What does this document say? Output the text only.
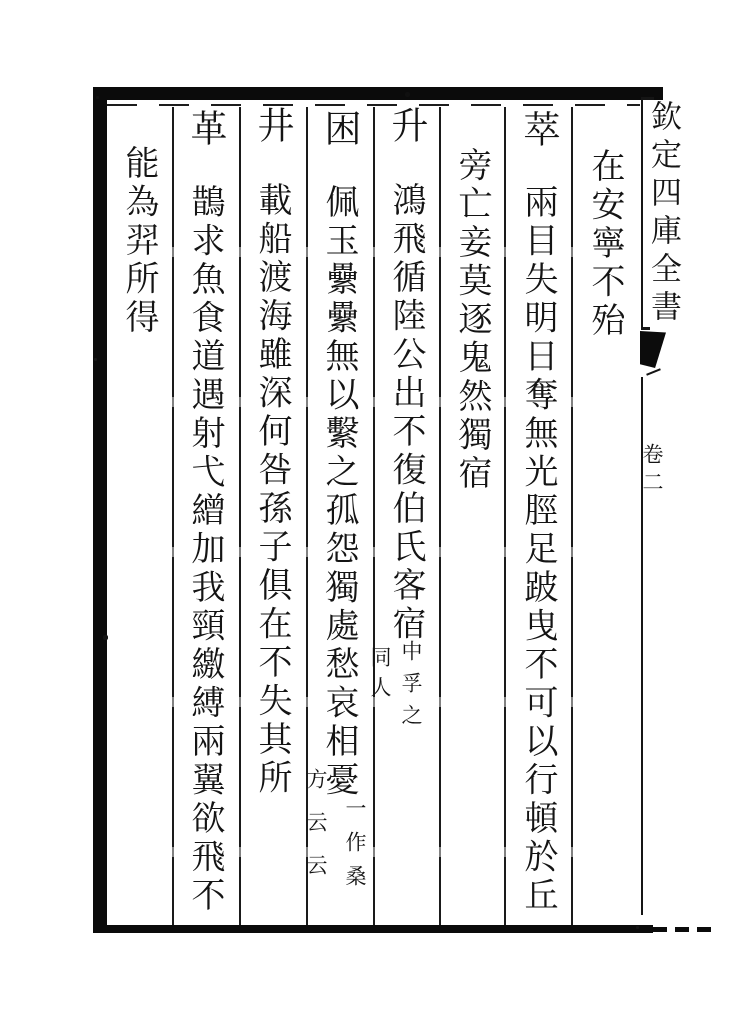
欽定四庫全書
卷二
在安寧不殆
萃
兩目失明日奪無光脛足跛曳不可以行頓於丘
旁亡妾莫逐鬼然獨宿
升
鴻飛循陸公出不復伯氏客宿
中孚之
同人
困
佩玉纍纍無以繫之孤怨獨處愁哀相憂
一作桑
方云云
井
載船渡海雖深何咎孫子俱在不失其所
革
鵲求魚食道遇射弋繒加我頸繳縛兩翼欲飛不
能為羿所得
